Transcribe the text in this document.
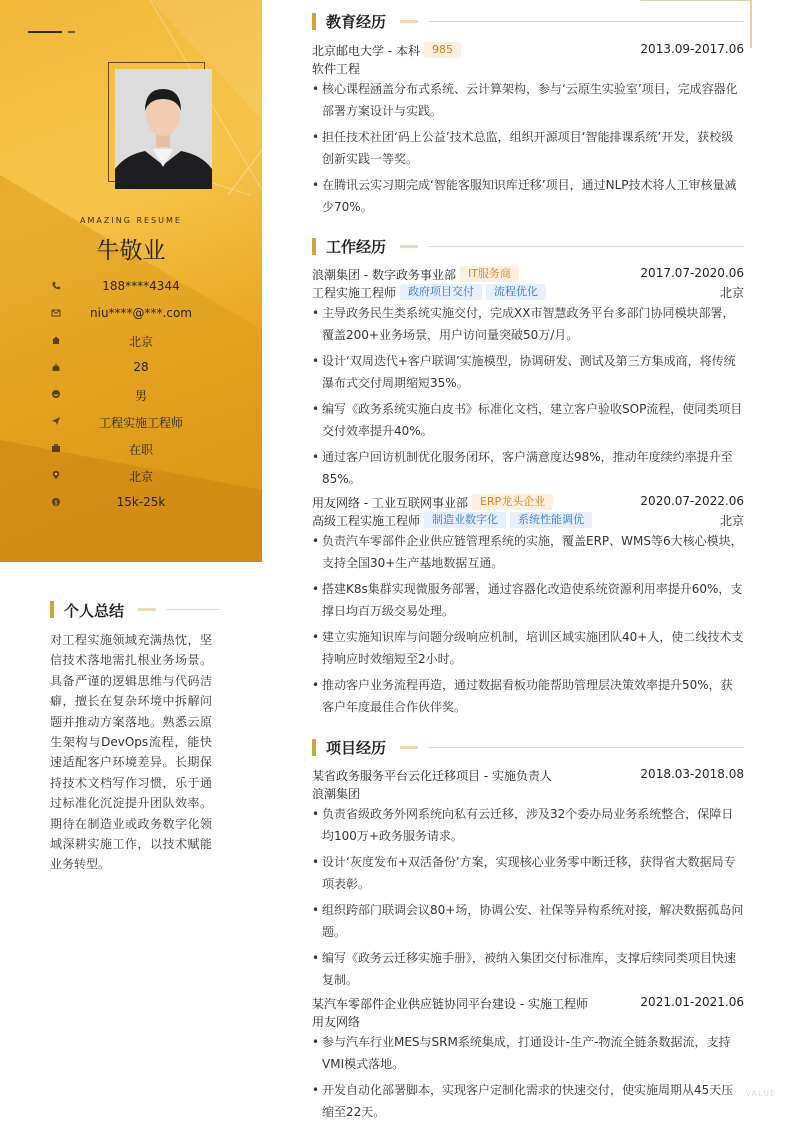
AMAZING RESUME
牛敬业
188****4344
niu****@***.com
北京
28
男
工程实施工程师
在职
北京
$	15k-25k
个人总结
对工程实施领域充满热忱，坚信技术落地需扎根业务场景。具备严谨的逻辑思维与代码洁癖，擅长在复杂环境中拆解问题并推动方案落地。熟悉云原生架构与DevOps流程，能快速适配客户环境差异。长期保持技术文档写作习惯，乐于通过标准化沉淀提升团队效率。期待在制造业或政务数字化领域深耕实施工作，以技术赋能业务转型。
教育经历
北京邮电大学 - 本科 985	2013.09-2017.06
软件工程
• 核心课程涵盖分布式系统、云计算架构，参与‘云原生实验室’项目，完成容器化部署方案设计与实践。
• 担任技术社团‘码上公益’技术总监，组织开源项目‘智能排课系统’开发，获校级创新实践一等奖。
• 在腾讯云实习期完成‘智能客服知识库迁移’项目，通过NLP技术将人工审核量减少70%。
工作经历
浪潮集团 - 数字政务事业部 IT服务商	2017.07-2020.06
工程实施工程师 政府项目交付 流程优化	北京
• 主导政务民生类系统实施交付，完成XX市智慧政务平台多部门协同模块部署，覆盖200+业务场景，用户访问量突破50万/月。
• 设计‘双周迭代+客户联调’实施模型，协调研发、测试及第三方集成商，将传统瀑布式交付周期缩短35%。
• 编写《政务系统实施白皮书》标准化文档，建立客户验收SOP流程，使同类项目交付效率提升40%。
• 通过客户回访机制优化服务闭环，客户满意度达98%，推动年度续约率提升至85%。
用友网络 - 工业互联网事业部 ERP龙头企业	2020.07-2022.06
高级工程实施工程师 制造业数字化 系统性能调优	北京
• 负责汽车零部件企业供应链管理系统的实施，覆盖ERP、WMS等6大核心模块，支持全国30+生产基地数据互通。
• 搭建K8s集群实现微服务部署，通过容器化改造使系统资源利用率提升60%，支撑日均百万级交易处理。
• 建立实施知识库与问题分级响应机制，培训区域实施团队40+人，使二线技术支持响应时效缩短至2小时。
• 推动客户业务流程再造，通过数据看板功能帮助管理层决策效率提升50%，获客户年度最佳合作伙伴奖。
项目经历
某省政务服务平台云化迁移项目 - 实施负责人	2018.03-2018.08
浪潮集团
• 负责省级政务外网系统向私有云迁移，涉及32个委办局业务系统整合，保障日均100万+政务服务请求。
• 设计‘灰度发布+双活备份’方案，实现核心业务零中断迁移，获得省大数据局专项表彰。
• 组织跨部门联调会议80+场，协调公安、社保等异构系统对接，解决数据孤岛问题。
• 编写《政务云迁移实施手册》，被纳入集团交付标准库，支撑后续同类项目快速复制。
某汽车零部件企业供应链协同平台建设 - 实施工程师	2021.01-2021.06
用友网络
• 参与汽车行业MES与SRM系统集成，打通设计-生产-物流全链条数据流，支持VMI模式落地。
• 开发自动化部署脚本，实现客户定制化需求的快速交付，使实施周期从45天压缩至22天。
VALUE
